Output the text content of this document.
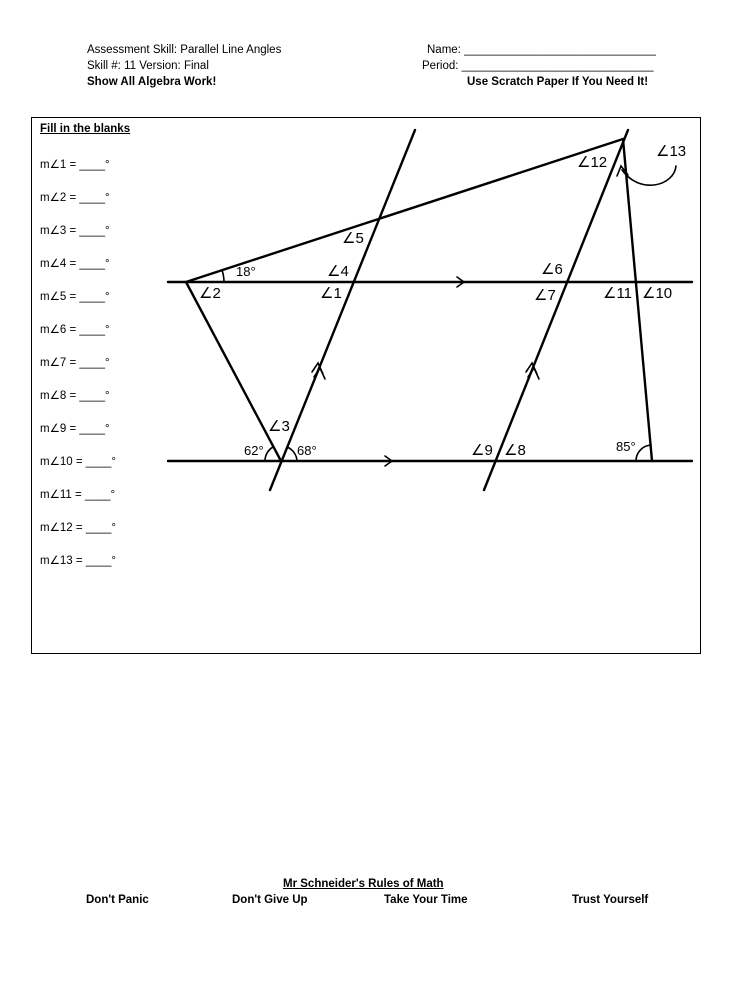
Assessment Skill: Parallel Line Angles
Skill #: 11 Version: Final
Show All Algebra Work!
Name: ______________________________
Period: ______________________________
Use Scratch Paper If You Need It!
Fill in the blanks
m∠1 = ____°
m∠2 = ____°
m∠3 = ____°
m∠4 = ____°
m∠5 = ____°
m∠6 = ____°
m∠7 = ____°
m∠8 = ____°
m∠9 = ____°
m∠10 = ____°
m∠11 = ____°
m∠12 = ____°
m∠13 = ____°
∠1
∠2
∠3
∠4
∠5
∠6
∠7
∠8
∠9
∠10
∠11
∠12
∠13
18°
62°	68°	85°
Mr Schneider's Rules of Math
Don't Panic	Don't Give Up	Take Your Time	Trust Yourself
